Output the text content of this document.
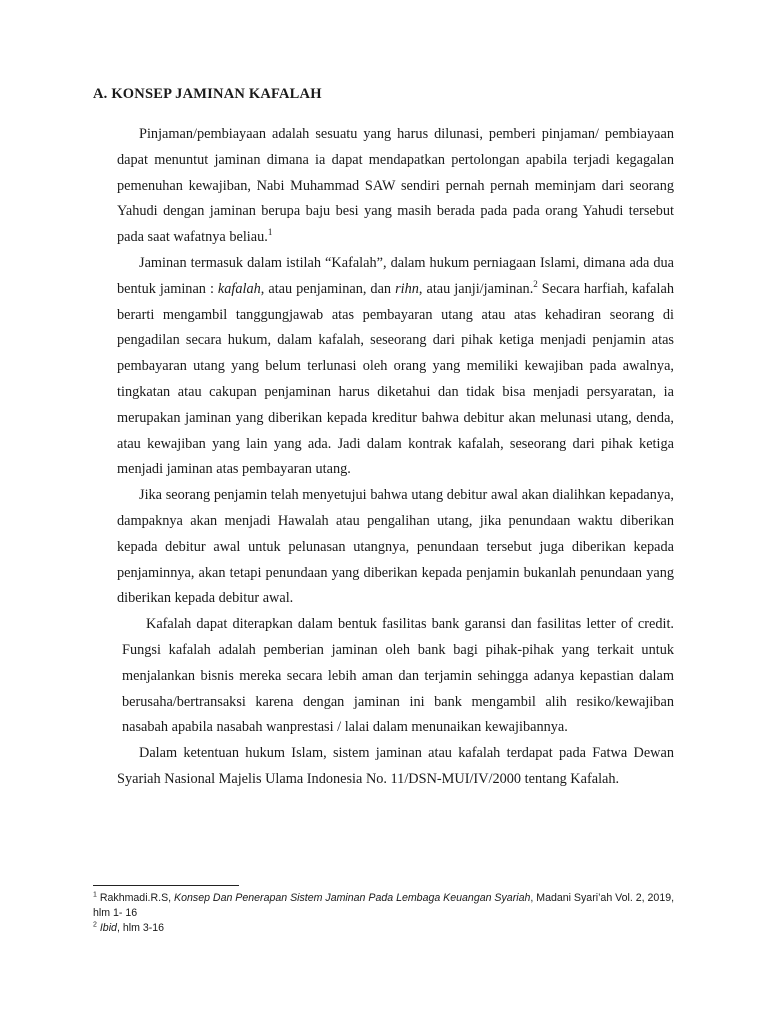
A. KONSEP JAMINAN KAFALAH

Pinjaman/pembiayaan adalah sesuatu yang harus dilunasi, pemberi pinjaman/ pembiayaan dapat menuntut jaminan dimana ia dapat mendapatkan pertolongan apabila terjadi kegagalan pemenuhan kewajiban, Nabi Muhammad SAW sendiri pernah pernah meminjam dari seorang Yahudi dengan jaminan berupa baju besi yang masih berada pada pada orang Yahudi tersebut pada saat wafatnya beliau.$^1$

Jaminan termasuk dalam istilah “Kafalah”, dalam hukum perniagaan Islami, dimana ada dua bentuk jaminan : kafalah, atau penjaminan, dan rihn, atau janji/jaminan.$^2$ Secara harfiah, kafalah berarti mengambil tanggungjawab atas pembayaran utang atau atas kehadiran seorang di pengadilan secara hukum, dalam kafalah, seseorang dari pihak ketiga menjadi penjamin atas pembayaran utang yang belum terlunasi oleh orang yang memiliki kewajiban pada awalnya, tingkatan atau cakupan penjaminan harus diketahui dan tidak bisa menjadi persyaratan, ia merupakan jaminan yang diberikan kepada kreditur bahwa debitur akan melunasi utang, denda, atau kewajiban yang lain yang ada. Jadi dalam kontrak kafalah, seseorang dari pihak ketiga menjadi jaminan atas pembayaran utang.

Jika seorang penjamin telah menyetujui bahwa utang debitur awal akan dialihkan kepadanya, dampaknya akan menjadi Hawalah atau pengalihan utang, jika penundaan waktu diberikan kepada debitur awal untuk pelunasan utangnya, penundaan tersebut juga diberikan kepada penjaminnya, akan tetapi penundaan yang diberikan kepada penjamin bukanlah penundaan yang diberikan kepada debitur awal.

Kafalah dapat diterapkan dalam bentuk fasilitas bank garansi dan fasilitas letter of credit. Fungsi kafalah adalah pemberian jaminan oleh bank bagi pihak-pihak yang terkait untuk menjalankan bisnis mereka secara lebih aman dan terjamin sehingga adanya kepastian dalam berusaha/bertransaksi karena dengan jaminan ini bank mengambil alih resiko/kewajiban nasabah apabila nasabah wanprestasi / lalai dalam menunaikan kewajibannya.

Dalam ketentuan hukum Islam, sistem jaminan atau kafalah terdapat pada Fatwa Dewan Syariah Nasional Majelis Ulama Indonesia No. 11/DSN-MUI/IV/2000 tentang Kafalah.

$^1$ Rakhmadi.R.S, Konsep Dan Penerapan Sistem Jaminan Pada Lembaga Keuangan Syariah, Madani Syari’ah Vol. 2, 2019, hlm 1- 16
$^2$ Ibid, hlm 3-16
